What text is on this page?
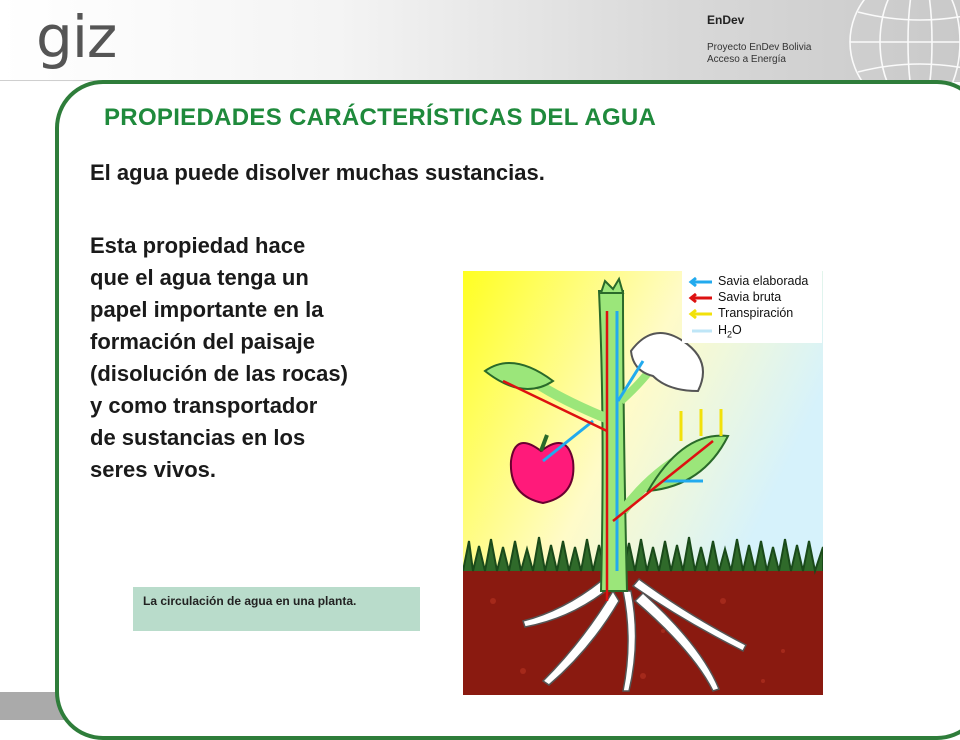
giz	EnDev
Proyecto EnDev Bolivia
Acceso a Energía
PROPIEDADES CARÁCTERÍSTICAS DEL AGUA
El agua puede disolver muchas sustancias.
Esta propiedad hace
que el agua tenga un
papel importante en la
formación del paisaje
(disolución de las rocas)
y como transportador
de sustancias en los
seres vivos.
La circulación de agua en una planta.
Savia elaborada
Savia bruta
Transpiración
$H_2O$
